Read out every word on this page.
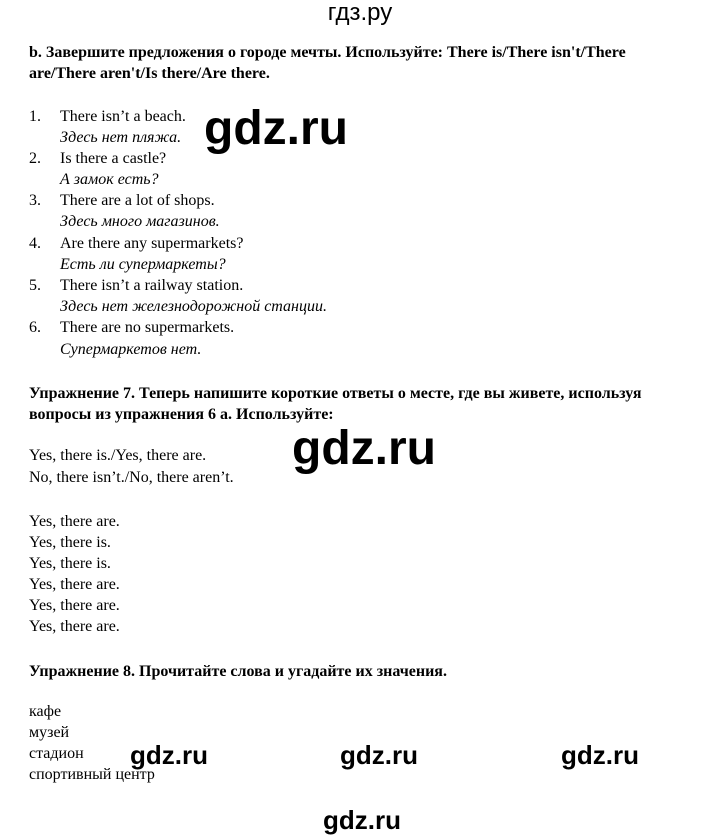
гдз.ру
b. Завершите предложения о городе мечты. Используйте: There is/There isn't/There are/There aren't/Is there/Are there.
1. There isn’t a beach.
Здесь нет пляжа.
2. Is there a castle?
А замок есть?
3. There are a lot of shops.
Здесь много магазинов.
4. Are there any supermarkets?
Есть ли супермаркеты?
5. There isn’t a railway station.
Здесь нет железнодорожной станции.
6. There are no supermarkets.
Супермаркетов нет.
Упражнение 7. Теперь напишите короткие ответы о месте, где вы живете, используя вопросы из упражнения 6 а. Используйте:
Yes, there is./Yes, there are.
No, there isn’t./No, there aren’t.
Yes, there are.
Yes, there is.
Yes, there is.
Yes, there are.
Yes, there are.
Yes, there are.
Упражнение 8. Прочитайте слова и угадайте их значения.
кафе
музей
стадион
спортивный центр
gdz.ru
gdz.ru
gdz.ru	gdz.ru	gdz.ru
gdz.ru
